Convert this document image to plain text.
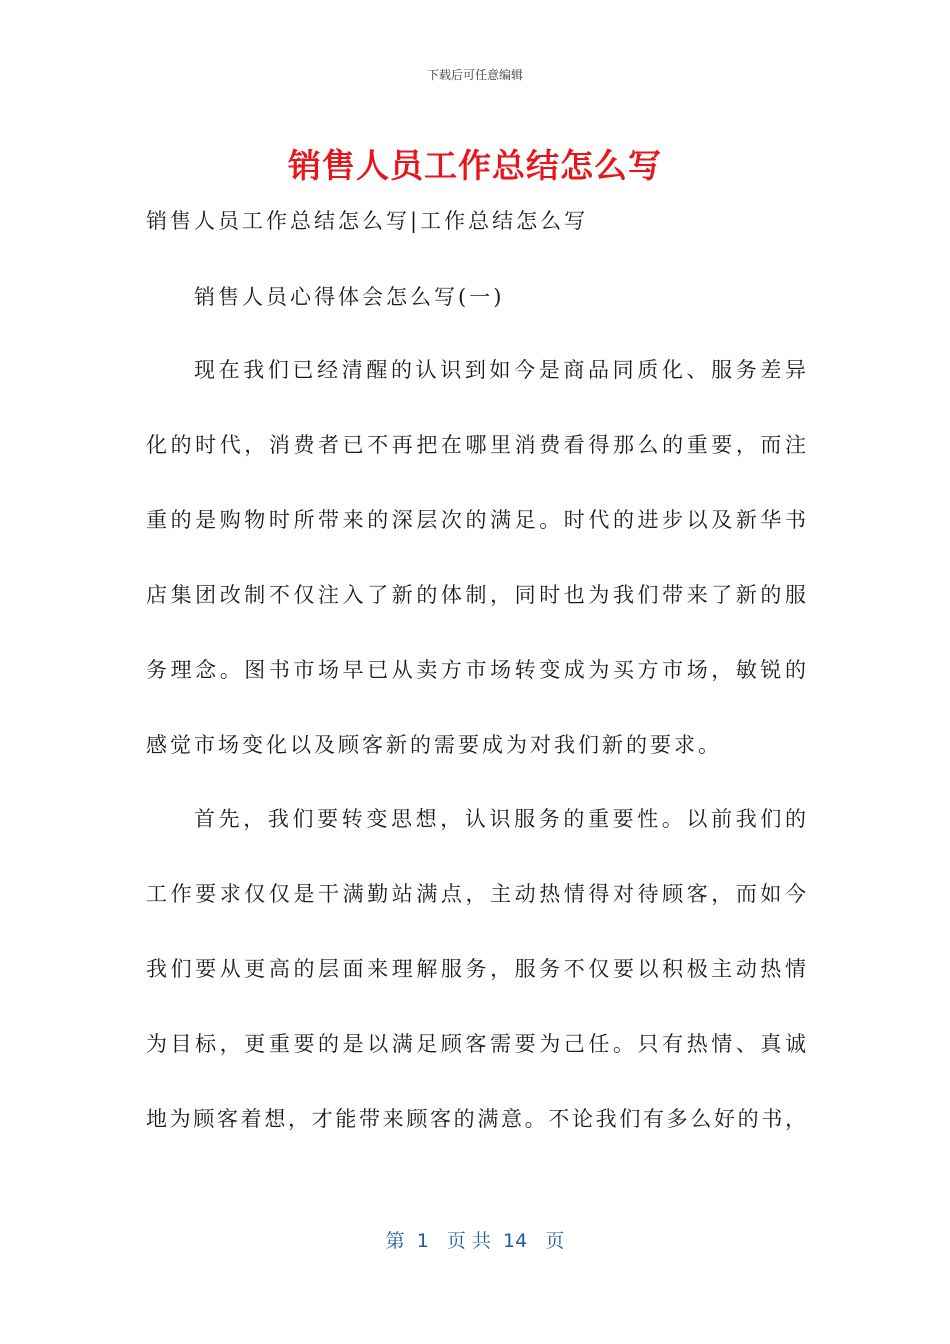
下载后可任意编辑
销售人员工作总结怎么写
销售人员工作总结怎么写|工作总结怎么写
销售人员心得体会怎么写(一)
现在我们已经清醒的认识到如今是商品同质化、服务差异
化的时代，消费者已不再把在哪里消费看得那么的重要，而注
重的是购物时所带来的深层次的满足。时代的进步以及新华书
店集团改制不仅注入了新的体制，同时也为我们带来了新的服
务理念。图书市场早已从卖方市场转变成为买方市场，敏锐的
感觉市场变化以及顾客新的需要成为对我们新的要求。
首先，我们要转变思想，认识服务的重要性。以前我们的
工作要求仅仅是干满勤站满点，主动热情得对待顾客，而如今
我们要从更高的层面来理解服务，服务不仅要以积极主动热情
为目标，更重要的是以满足顾客需要为己任。只有热情、真诚
地为顾客着想，才能带来顾客的满意。不论我们有多么好的书，
第  1   页 共  14   页
